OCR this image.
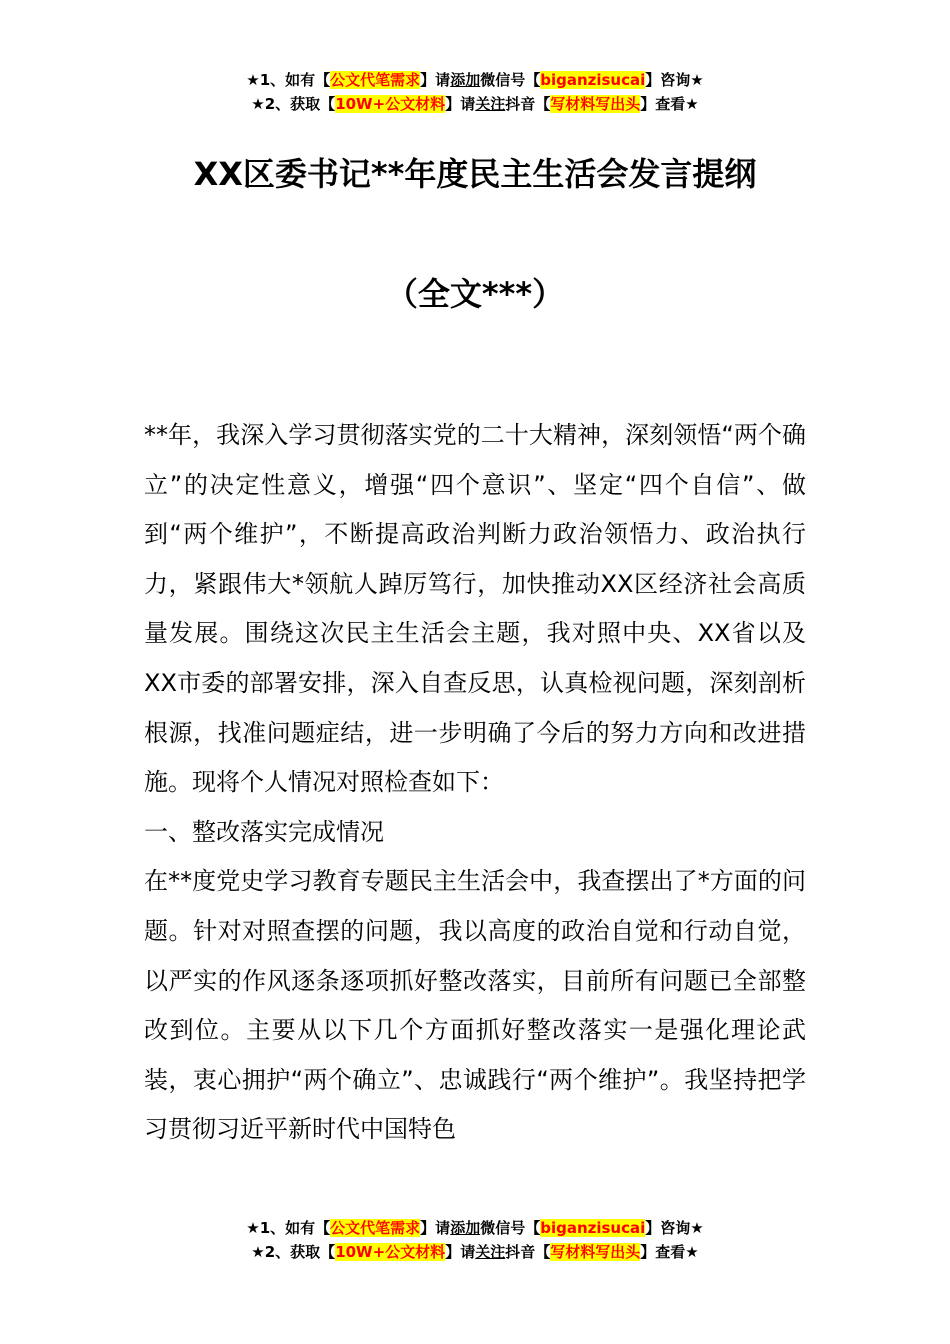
★1、如有【公文代笔需求】请添加微信号【biganzisucai】咨询★
★2、获取【10W+公文材料】请关注抖音【写材料写出头】查看★
XX区委书记**年度民主生活会发言提纲
（全文***）

**年，我深入学习贯彻落实党的二十大精神，深刻领悟“两个确立”的决定性意义，增强“四个意识”、坚定“四个自信”、做到“两个维护”，不断提高政治判断力政治领悟力、政治执行力，紧跟伟大*领航人踔厉笃行，加快推动XX区经济社会高质量发展。围绕这次民主生活会主题，我对照中央、XX省以及XX市委的部署安排，深入自查反思，认真检视问题，深刻剖析根源，找准问题症结，进一步明确了今后的努力方向和改进措施。现将个人情况对照检查如下：

一、整改落实完成情况

在**度党史学习教育专题民主生活会中，我查摆出了*方面的问题。针对对照查摆的问题，我以高度的政治自觉和行动自觉，以严实的作风逐条逐项抓好整改落实，目前所有问题已全部整改到位。主要从以下几个方面抓好整改落实一是强化理论武装，衷心拥护“两个确立”、忠诚践行“两个维护”。我坚持把学习贯彻习近平新时代中国特色

★1、如有【公文代笔需求】请添加微信号【biganzisucai】咨询★
★2、获取【10W+公文材料】请关注抖音【写材料写出头】查看★
